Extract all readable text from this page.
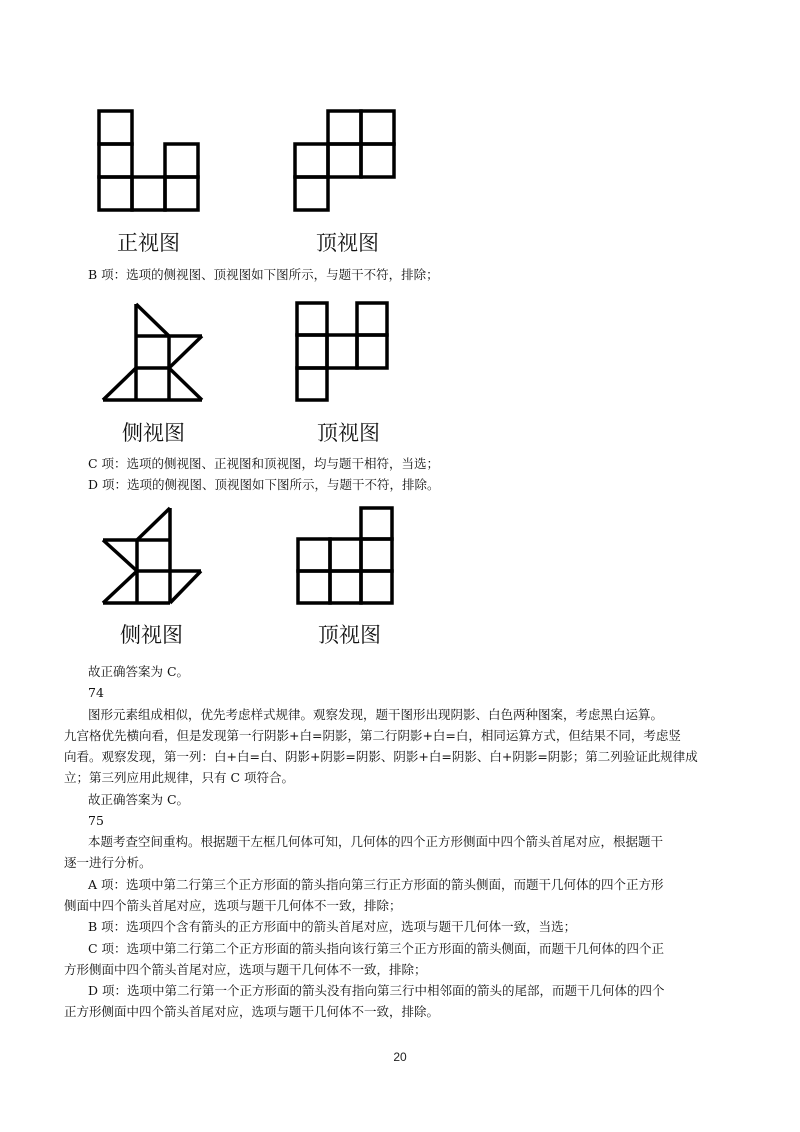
正视图	顶视图
B 项：选项的侧视图、顶视图如下图所示，与题干不符，排除；
侧视图	顶视图
C 项：选项的侧视图、正视图和顶视图，均与题干相符，当选；
D 项：选项的侧视图、顶视图如下图所示，与题干不符，排除。
侧视图	顶视图
故正确答案为 C。
74
图形元素组成相似，优先考虑样式规律。观察发现，题干图形出现阴影、白色两种图案，考虑黑白运算。
九宫格优先横向看，但是发现第一行阴影+白=阴影，第二行阴影+白=白，相同运算方式，但结果不同，考虑竖
向看。观察发现，第一列：白+白=白、阴影+阴影=阴影、阴影+白=阴影、白+阴影=阴影；第二列验证此规律成
立；第三列应用此规律，只有 C 项符合。
故正确答案为 C。
75
本题考查空间重构。根据题干左框几何体可知，几何体的四个正方形侧面中四个箭头首尾对应，根据题干
逐一进行分析。
A 项：选项中第二行第三个正方形面的箭头指向第三行正方形面的箭头侧面，而题干几何体的四个正方形
侧面中四个箭头首尾对应，选项与题干几何体不一致，排除；
B 项：选项四个含有箭头的正方形面中的箭头首尾对应，选项与题干几何体一致，当选；
C 项：选项中第二行第二个正方形面的箭头指向该行第三个正方形面的箭头侧面，而题干几何体的四个正
方形侧面中四个箭头首尾对应，选项与题干几何体不一致，排除；
D 项：选项中第二行第一个正方形面的箭头没有指向第三行中相邻面的箭头的尾部，而题干几何体的四个
正方形侧面中四个箭头首尾对应，选项与题干几何体不一致，排除。
20
